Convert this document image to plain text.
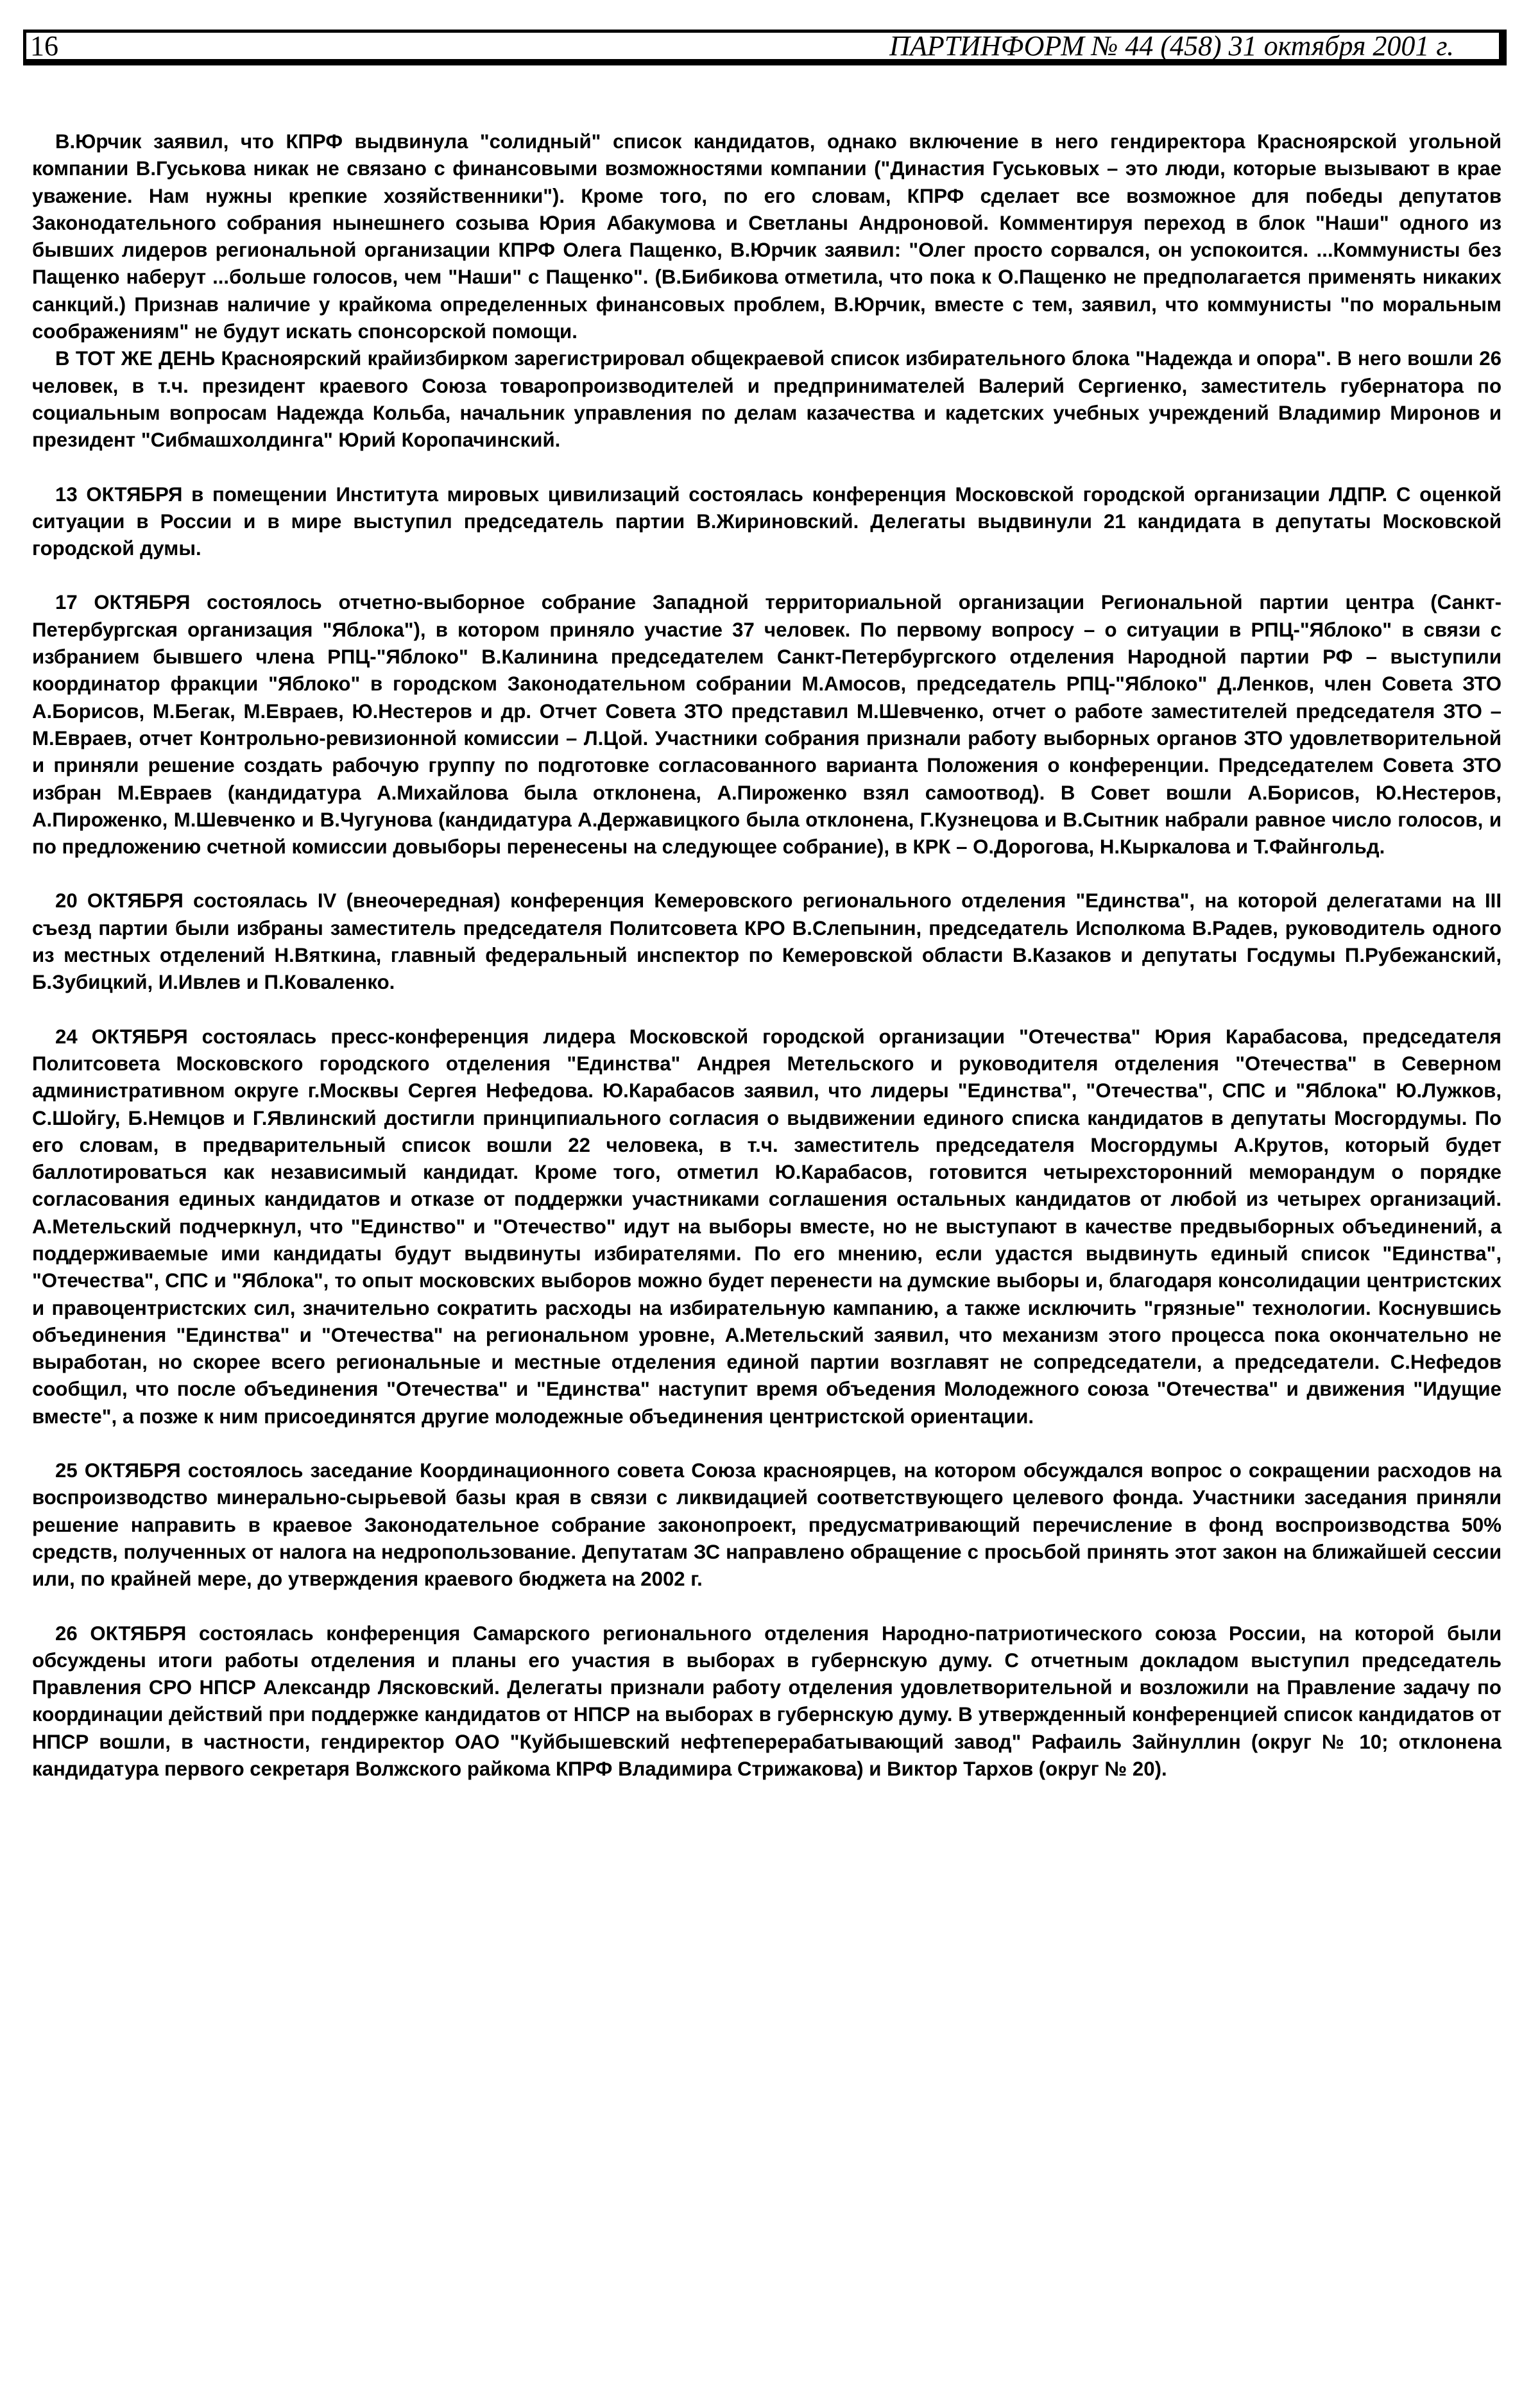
16	ПАРТИНФОРМ № 44 (458) 31 октября 2001 г.

В.Юрчик заявил, что КПРФ выдвинула "солидный" список кандидатов, однако включение в него гендиректора Красноярской угольной компании В.Гуськова никак не связано с финансовыми возможностями компании ("Династия Гуськовых – это люди, которые вызывают в крае уважение. Нам нужны крепкие хозяйственники"). Кроме того, по его словам, КПРФ сделает все возможное для победы депутатов Законодательного собрания нынешнего созыва Юрия Абакумова и Светланы Андроновой. Комментируя переход в блок "Наши" одного из бывших лидеров региональной организации КПРФ Олега Пащенко, В.Юрчик заявил: "Олег просто сорвался, он успокоится. ...Коммунисты без Пащенко наберут ...больше голосов, чем "Наши" с Пащенко". (В.Бибикова отметила, что пока к О.Пащенко не предполагается применять никаких санкций.) Признав наличие у крайкома определенных финансовых проблем, В.Юрчик, вместе с тем, заявил, что коммунисты "по моральным соображениям" не будут искать спонсорской помощи.

В ТОТ ЖЕ ДЕНЬ Красноярский крайизбирком зарегистрировал общекраевой список избирательного блока "Надежда и опора". В него вошли 26 человек, в т.ч. президент краевого Союза товаропроизводителей и предпринимателей Валерий Сергиенко, заместитель губернатора по социальным вопросам Надежда Кольба, начальник управления по делам казачества и кадетских учебных учреждений Владимир Миронов и президент "Сибмашхолдинга" Юрий Коропачинский.

13 ОКТЯБРЯ в помещении Института мировых цивилизаций состоялась конференция Московской городской организации ЛДПР. С оценкой ситуации в России и в мире выступил председатель партии В.Жириновский. Делегаты выдвинули 21 кандидата в депутаты Московской городской думы.

17 ОКТЯБРЯ состоялось отчетно-выборное собрание Западной территориальной организации Региональной партии центра (Санкт-Петербургская организация "Яблока"), в котором приняло участие 37 человек. По первому вопросу – о ситуации в РПЦ-"Яблоко" в связи с избранием бывшего члена РПЦ-"Яблоко" В.Калинина председателем Санкт-Петербургского отделения Народной партии РФ – выступили координатор фракции "Яблоко" в городском Законодательном собрании М.Амосов, председатель РПЦ-"Яблоко" Д.Ленков, член Совета ЗТО А.Борисов, М.Бегак, М.Евраев, Ю.Нестеров и др. Отчет Совета ЗТО представил М.Шевченко, отчет о работе заместителей председателя ЗТО – М.Евраев, отчет Контрольно-ревизионной комиссии – Л.Цой. Участники собрания признали работу выборных органов ЗТО удовлетворительной и приняли решение создать рабочую группу по подготовке согласованного варианта Положения о конференции. Председателем Совета ЗТО избран М.Евраев (кандидатура А.Михайлова была отклонена, А.Пироженко взял самоотвод). В Совет вошли А.Борисов, Ю.Нестеров, А.Пироженко, М.Шевченко и В.Чугунова (кандидатура А.Державицкого была отклонена, Г.Кузнецова и В.Сытник набрали равное число голосов, и по предложению счетной комиссии довыборы перенесены на следующее собрание), в КРК – О.Дорогова, Н.Кыркалова и Т.Файнгольд.

20 ОКТЯБРЯ состоялась IV (внеочередная) конференция Кемеровского регионального отделения "Единства", на которой делегатами на III съезд партии были избраны заместитель председателя Политсовета КРО В.Слепынин, председатель Исполкома В.Радев, руководитель одного из местных отделений Н.Вяткина, главный федеральный инспектор по Кемеровской области В.Казаков и депутаты Госдумы П.Рубежанский, Б.Зубицкий, И.Ивлев и П.Коваленко.

24 ОКТЯБРЯ состоялась пресс-конференция лидера Московской городской организации "Отечества" Юрия Карабасова, председателя Политсовета Московского городского отделения "Единства" Андрея Метельского и руководителя отделения "Отечества" в Северном административном округе г.Москвы Сергея Нефедова. Ю.Карабасов заявил, что лидеры "Единства", "Отечества", СПС и "Яблока" Ю.Лужков, С.Шойгу, Б.Немцов и Г.Явлинский достигли принципиального согласия о выдвижении единого списка кандидатов в депутаты Мосгордумы. По его словам, в предварительный список вошли 22 человека, в т.ч. заместитель председателя Мосгордумы А.Крутов, который будет баллотироваться как независимый кандидат. Кроме того, отметил Ю.Карабасов, готовится четырехсторонний меморандум о порядке согласования единых кандидатов и отказе от поддержки участниками соглашения остальных кандидатов от любой из четырех организаций. А.Метельский подчеркнул, что "Единство" и "Отечество" идут на выборы вместе, но не выступают в качестве предвыборных объединений, а поддерживаемые ими кандидаты будут выдвинуты избирателями. По его мнению, если удастся выдвинуть единый список "Единства", "Отечества", СПС и "Яблока", то опыт московских выборов можно будет перенести на думские выборы и, благодаря консолидации центристских и правоцентристских сил, значительно сократить расходы на избирательную кампанию, а также исключить "грязные" технологии. Коснувшись объединения "Единства" и "Отечества" на региональном уровне, А.Метельский заявил, что механизм этого процесса пока окончательно не выработан, но скорее всего региональные и местные отделения единой партии возглавят не сопредседатели, а председатели. С.Нефедов сообщил, что после объединения "Отечества" и "Единства" наступит время объедения Молодежного союза "Отечества" и движения "Идущие вместе", а позже к ним присоединятся другие молодежные объединения центристской ориентации.

25 ОКТЯБРЯ состоялось заседание Координационного совета Союза красноярцев, на котором обсуждался вопрос о сокращении расходов на воспроизводство минерально-сырьевой базы края в связи с ликвидацией соответствующего целевого фонда. Участники заседания приняли решение направить в краевое Законодательное собрание законопроект, предусматривающий перечисление в фонд воспроизводства 50% средств, полученных от налога на недропользование. Депутатам ЗС направлено обращение с просьбой принять этот закон на ближайшей сессии или, по крайней мере, до утверждения краевого бюджета на 2002 г.

26 ОКТЯБРЯ состоялась конференция Самарского регионального отделения Народно-патриотического союза России, на которой были обсуждены итоги работы отделения и планы его участия в выборах в губернскую думу. С отчетным докладом выступил председатель Правления СРО НПСР Александр Лясковский. Делегаты признали работу отделения удовлетворительной и возложили на Правление задачу по координации действий при поддержке кандидатов от НПСР на выборах в губернскую думу. В утвержденный конференцией список кандидатов от НПСР вошли, в частности, гендиректор ОАО "Куйбышевский нефтеперерабатывающий завод" Рафаиль Зайнуллин (округ № 10; отклонена кандидатура первого секретаря Волжского райкома КПРФ Владимира Стрижакова) и Виктор Тархов (округ № 20).
